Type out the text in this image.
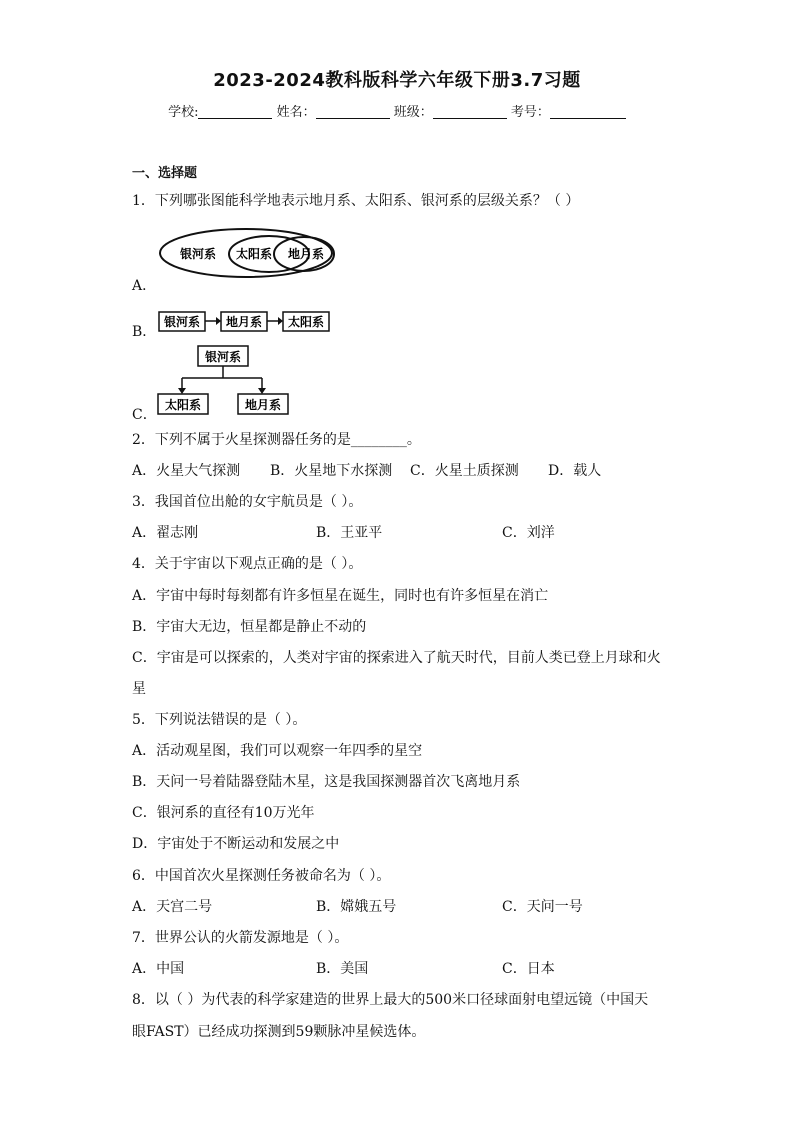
2023-2024教科版科学六年级下册3.7习题
学校:	姓名：	班级：	考号：
一、选择题
1．下列哪张图能科学地表示地月系、太阳系、银河系的层级关系？（ ）
银河系 太阳系 地月系
A．
银河系 地月系 太阳系
B．
银河系
太阳系	地月系
C．
2．下列不属于火星探测器任务的是________。
A．火星大气探测 B．火星地下水探测 C．火星土质探测 D．载人
3．我国首位出舱的女宇航员是（ ）。
A．翟志刚	B．王亚平	C．刘洋
4．关于宇宙以下观点正确的是（ ）。
A．宇宙中每时每刻都有许多恒星在诞生，同时也有许多恒星在消亡
B．宇宙大无边，恒星都是静止不动的
C．宇宙是可以探索的，人类对宇宙的探索进入了航天时代，目前人类已登上月球和火
星
5．下列说法错误的是（ ）。
A．活动观星图，我们可以观察一年四季的星空
B．天问一号着陆器登陆木星，这是我国探测器首次飞离地月系
C．银河系的直径有10万光年
D．宇宙处于不断运动和发展之中
6．中国首次火星探测任务被命名为（ ）。
A．天宫二号	B．嫦娥五号	C．天问一号
7．世界公认的火箭发源地是（ ）。
A．中国	B．美国	C．日本
8．以（ ）为代表的科学家建造的世界上最大的500米口径球面射电望远镜（中国天
眼FAST）已经成功探测到59颗脉冲星候选体。
